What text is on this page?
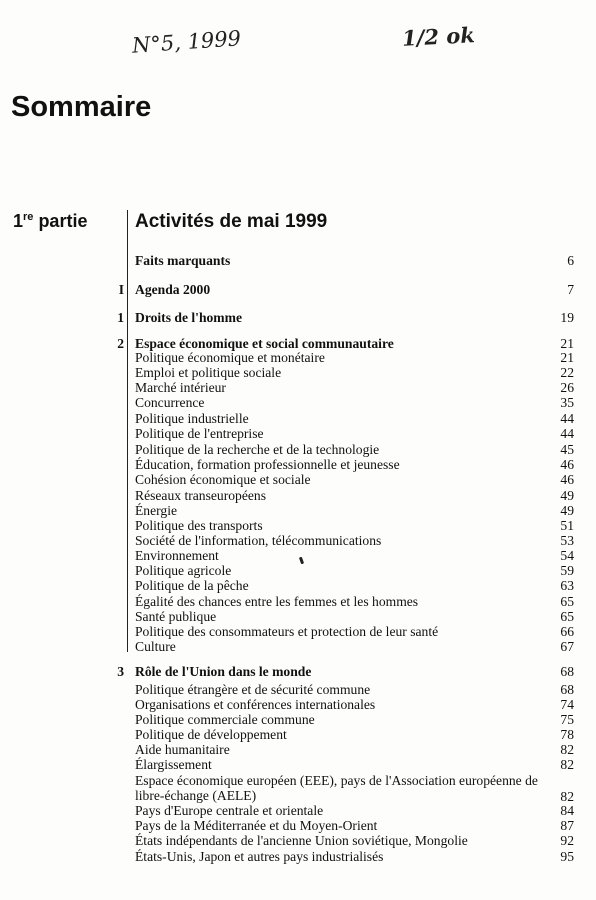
N°5, 1999	1/2 ok
Sommaire
1re partie	Activités de mai 1999
Faits marquants	6
I Agenda 2000	7
1 Droits de l'homme	19
2 Espace économique et social communautaire	21
Politique économique et monétaire	21
Emploi et politique sociale	22
Marché intérieur	26
Concurrence	35
Politique industrielle	44
Politique de l'entreprise	44
Politique de la recherche et de la technologie	45
Éducation, formation professionnelle et jeunesse	46
Cohésion économique et sociale	46
Réseaux transeuropéens	49
Énergie	49
Politique des transports	51
Société de l'information, télécommunications	53
Environnement	54
Politique agricole	59
Politique de la pêche	63
Égalité des chances entre les femmes et les hommes	65
Santé publique	65
Politique des consommateurs et protection de leur santé	66
Culture	67
3 Rôle de l'Union dans le monde	68
Politique étrangère et de sécurité commune	68
Organisations et conférences internationales	74
Politique commerciale commune	75
Politique de développement	78
Aide humanitaire	82
Élargissement	82
Espace économique européen (EEE), pays de l'Association européenne de libre-échange (AELE)	82
Pays d'Europe centrale et orientale	84
Pays de la Méditerranée et du Moyen-Orient	87
États indépendants de l'ancienne Union soviétique, Mongolie	92
États-Unis, Japon et autres pays industrialisés	95
